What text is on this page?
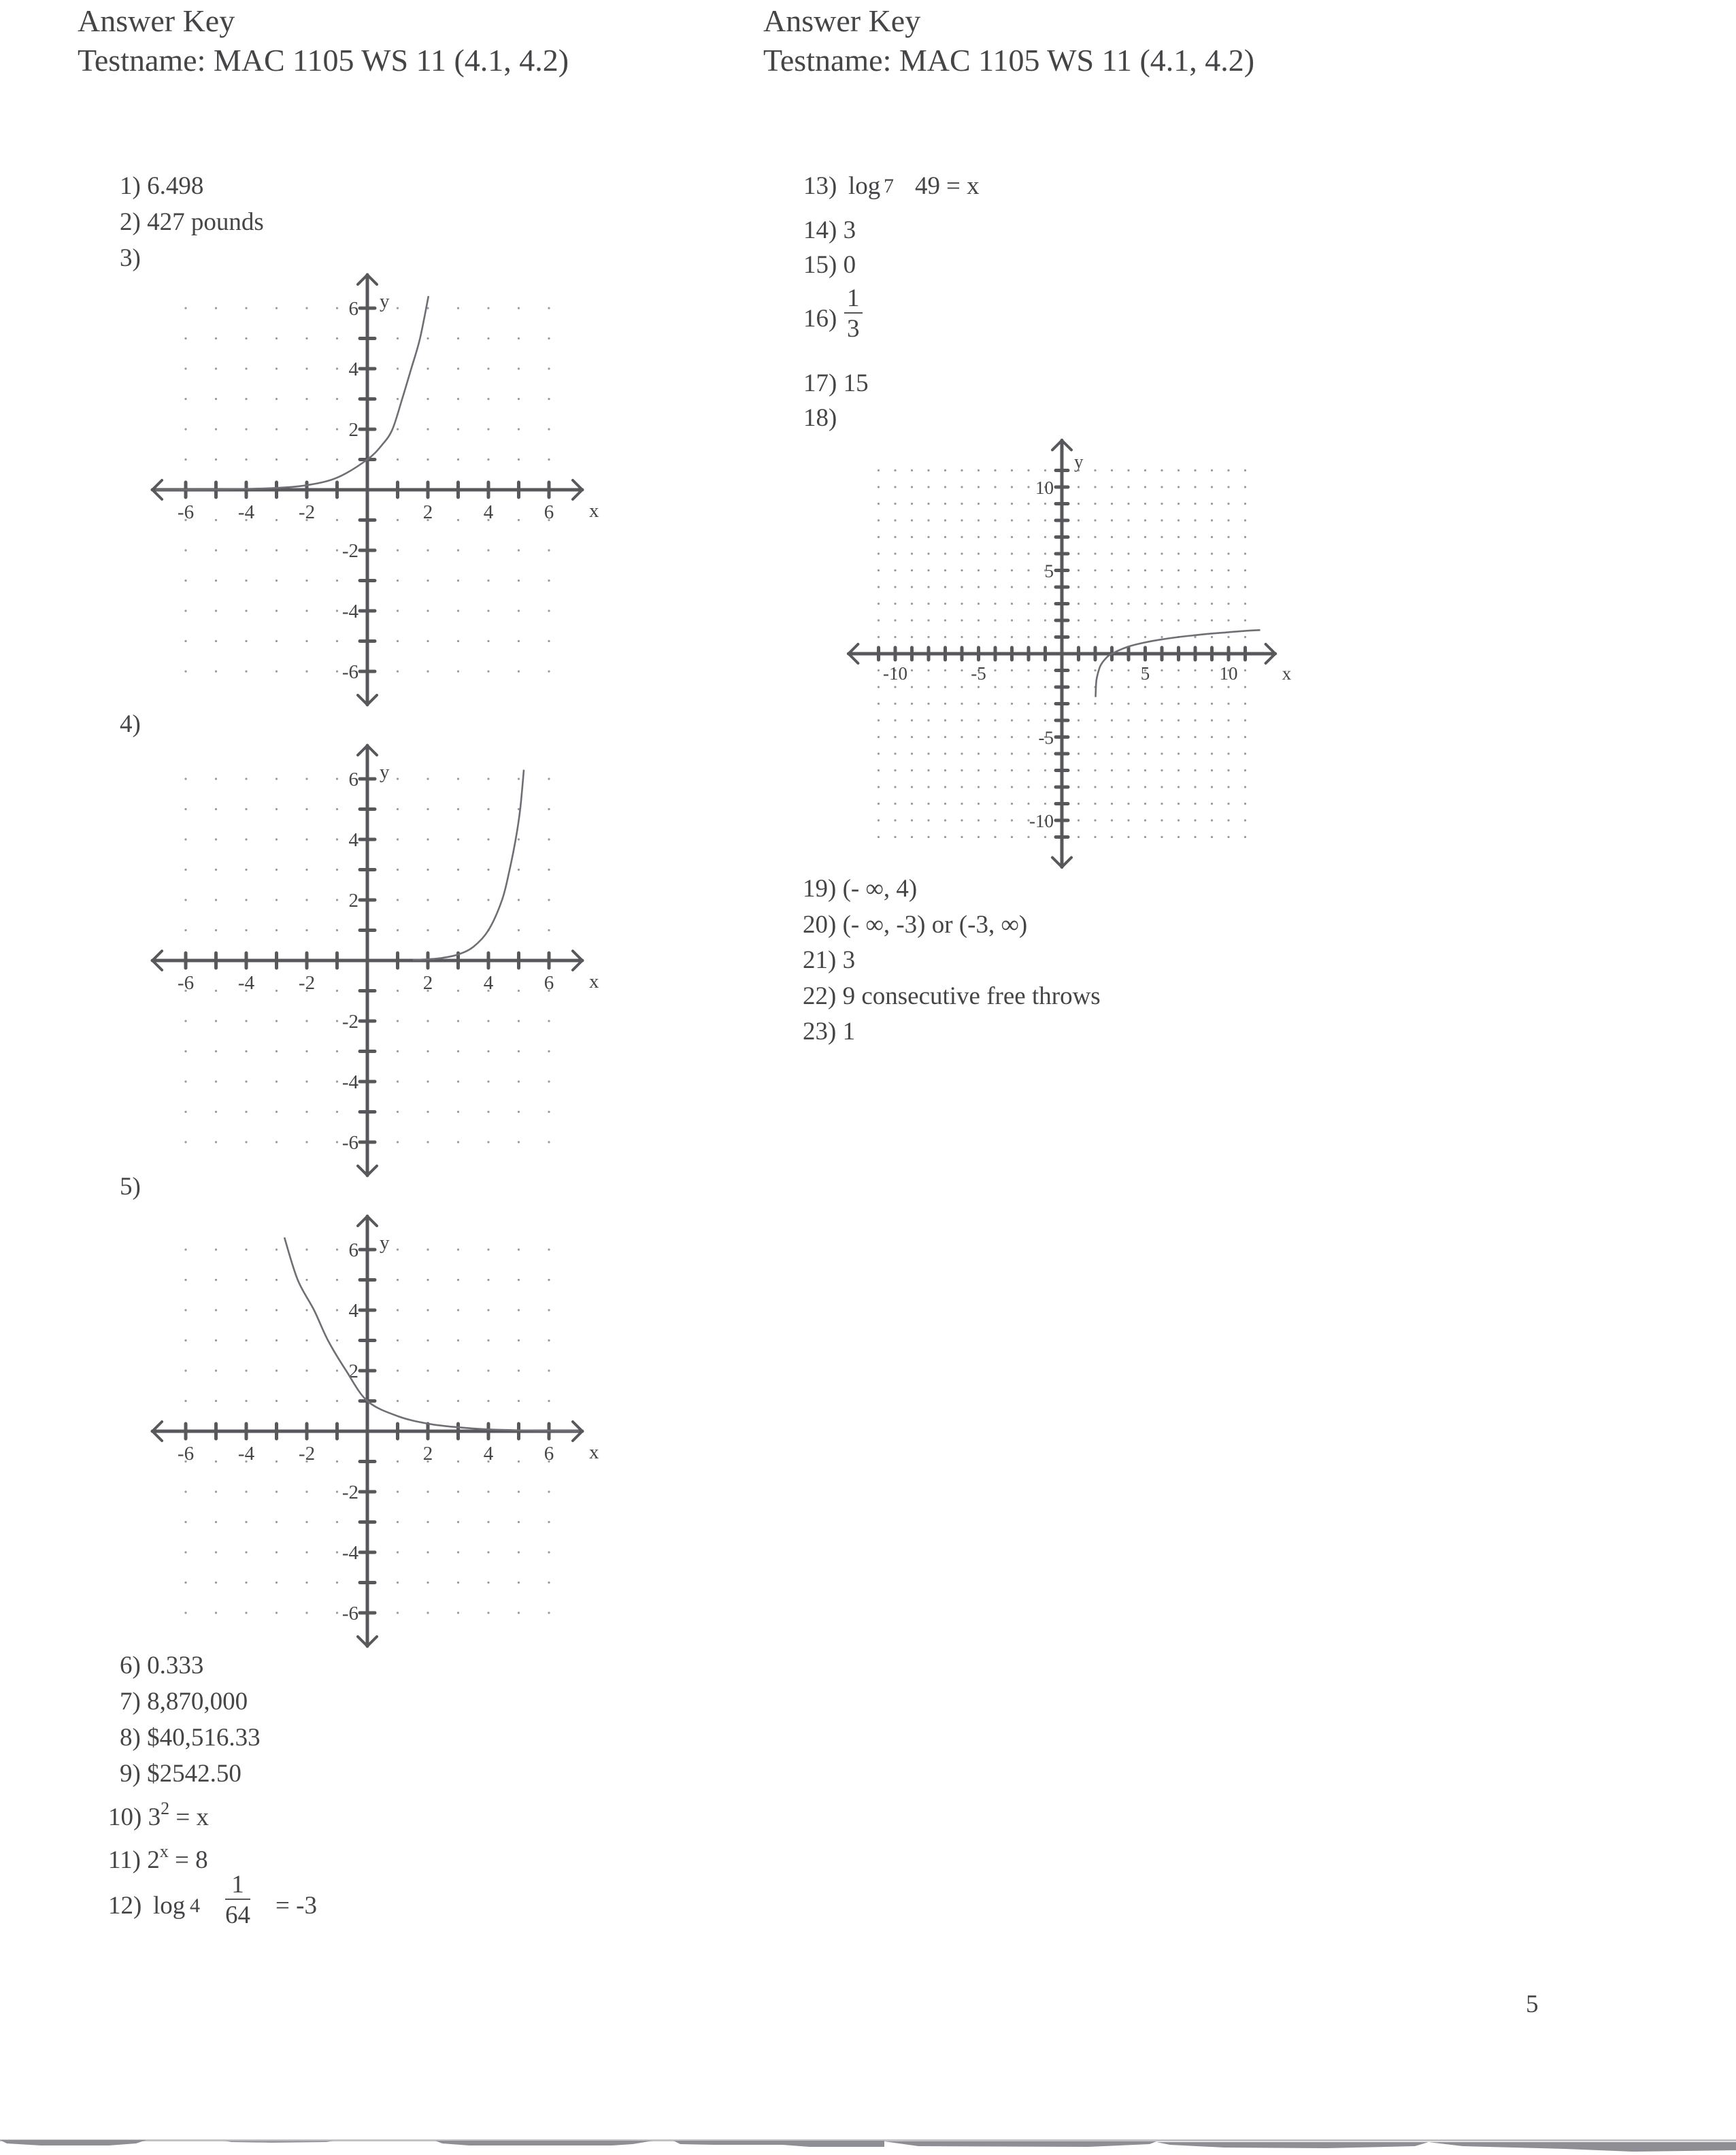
Answer Key
Testname: MAC 1105 WS 11 (4.1, 4.2)
Answer Key
Testname: MAC 1105 WS 11 (4.1, 4.2)
1) 6.498
2) 427 pounds
3)
-6 -4 -2	2	4	6
6
4
2
-2
-4
-6
x
y
4)
-6 -4 -2	2	4	6
6
4
2
-2
-4
-6
x
y
5)
-6 -4 -2	2	4	6
6
4
2
-2
-4
-6
x
y
6) 0.333
7) 8,870,000
8) $40,516.33
9) $2542.50
10) $3^2 = x$
11) $2^x = 8$
12) $\log 4 \frac{1}{64} = -3$
13) log 7 49 = x
14) 3
15) 0
$16) \frac{1}{3}$
17) 15
18)
-10	-5	5	10
10
5
-5
-10
x
y
19) (- ∞, 4)
20) (- ∞, -3) or (-3, ∞)
21) 3
22) 9 consecutive free throws
23) 1
5
